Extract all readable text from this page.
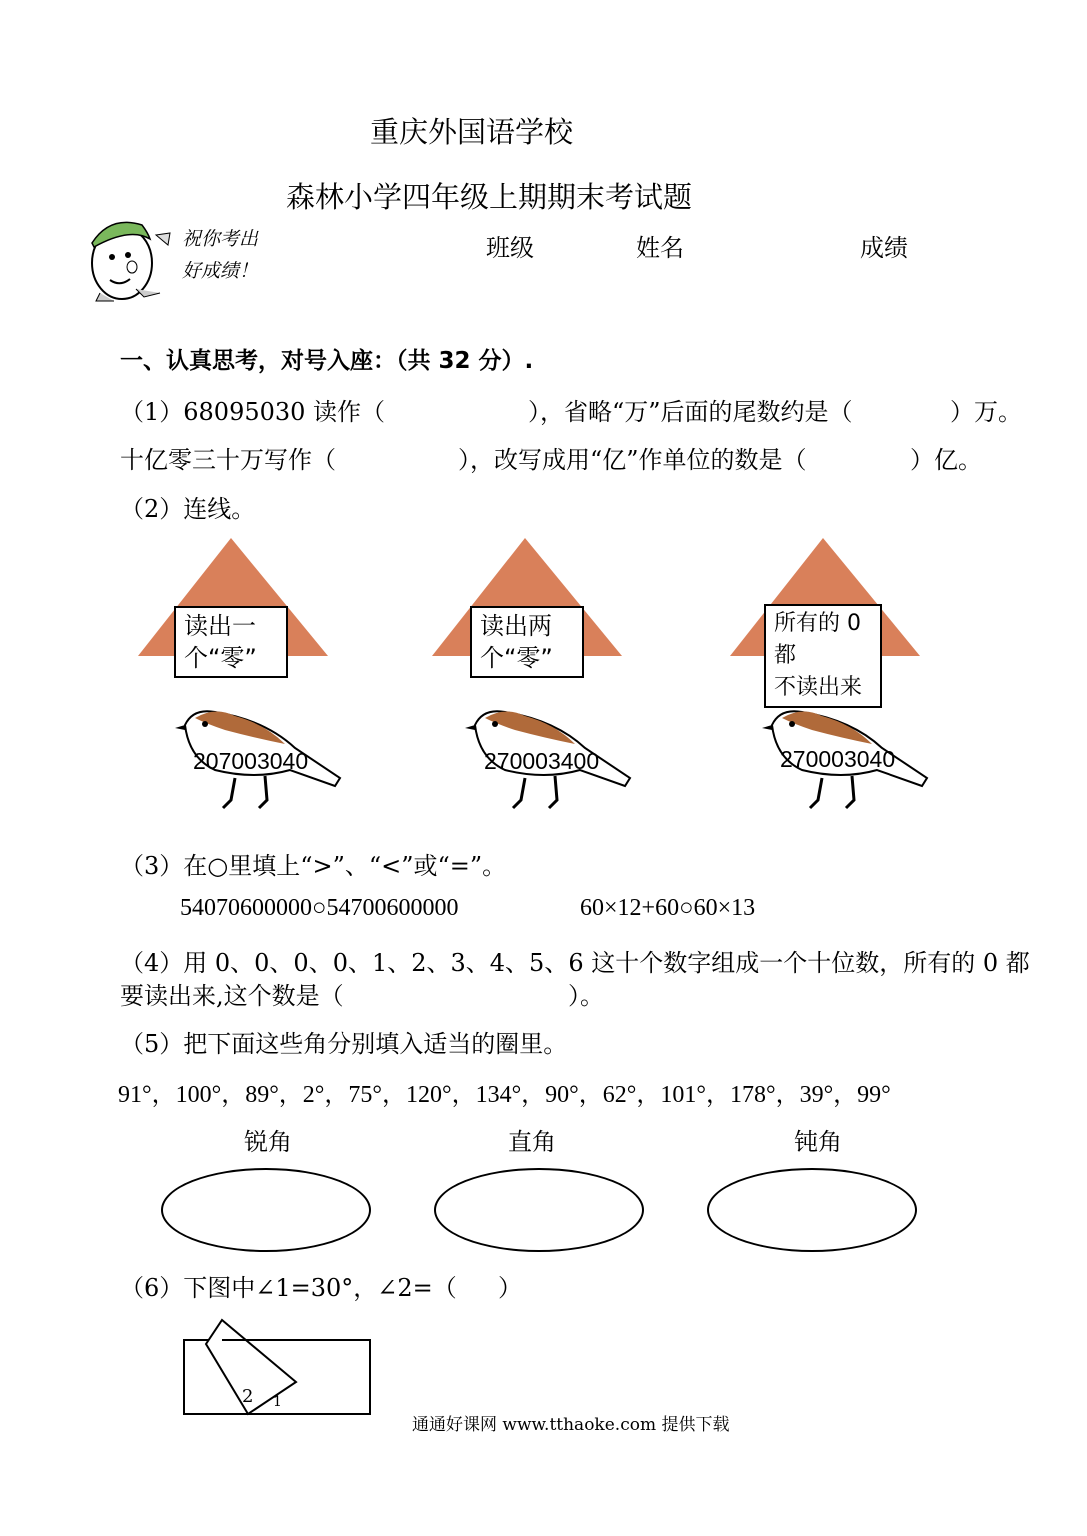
重庆外国语学校
森林小学四年级上期期末考试题
祝你考出
好成绩！
班级	姓名	成绩
一、认真思考，对号入座：（共 32 分）.
（1）68095030 读作（	），省略“万”后面的尾数约是（	）万。
十亿零三十万写作（	），改写成用“亿”作单位的数是（	）亿。
（2）连线。
读出一
个“零”
读出两
个“零”
所有的 0 都
不读出来
207003040	270003400	270003040
（3）在○里填上“>”、“<”或“=”。
54070600000○54700600000	60×12+60○60×13
（4）用 0、0、0、0、1、2、3、4、5、6 这十个数字组成一个十位数，所有的 0 都
要读出来,这个数是（	）。
（5）把下面这些角分别填入适当的圈里。
91°，100°，89°，2°，75°，120°，134°，90°，62°，101°，178°，39°，99°
锐角	直角	钝角
（6）下图中∠1=30°，∠2=（ ）
2 1
通通好课网 www.tthaoke.com 提供下载
